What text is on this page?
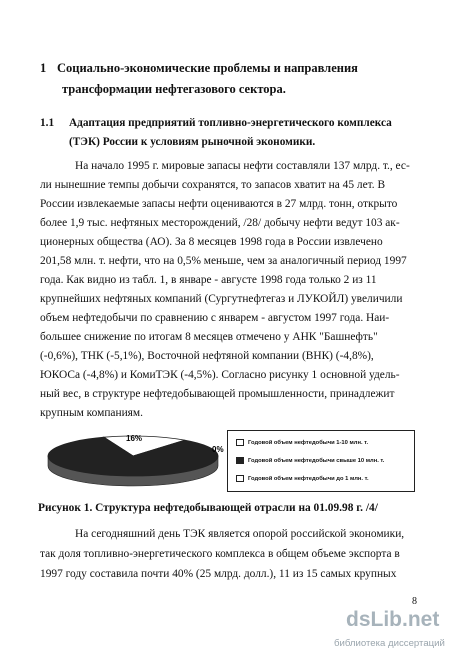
1 Социально-экономические проблемы и направления
трансформации нефтегазового сектора.
1.1 Адаптация предприятий топливно-энергетического комплекса
(ТЭК) России к условиям рыночной экономики.
На начало 1995 г. мировые запасы нефти составляли 137 млрд. т., ес-
ли нынешние темпы добычи сохранятся, то запасов хватит на 45 лет. В
России извлекаемые запасы нефти оцениваются в 27 млрд. тонн, открыто
более 1,9 тыс. нефтяных месторождений, /28/ добычу нефти ведут 103 ак-
ционерных общества (АО). За 8 месяцев 1998 года в России извлечено
201,58 млн. т. нефти, что на 0,5% меньше, чем за аналогичный период 1997
года. Как видно из табл. 1, в январе - августе 1998 года только 2 из 11
крупнейших нефтяных компаний (Сургутнефтегаз и ЛУКОЙЛ) увеличили
объем нефтедобычи по сравнению с январем - августом 1997 года. Наи-
большее снижение по итогам 8 месяцев отмечено у АНК "Башнефть"
(-0,6%), ТНК (-5,1%), Восточной нефтяной компании (ВНК) (-4,8%),
ЮКОСа (-4,8%) и КомиТЭК (-4,5%). Согласно рисунку 1 основной удель-
ный вес, в структуре нефтедобывающей промышленности, принадлежит
крупным компаниям.
16%
0%
Годовой объем нефтедобычи 1-10 млн. т.
Годовой объем нефтедобычи свыше 10 млн. т.
Годовой объем нефтедобычи до 1 млн. т.
Рисунок 1. Структура нефтедобывающей отрасли на 01.09.98 г. /4/
На сегодняшний день ТЭК является опорой российской экономики,
так доля топливно-энергетического комплекса в общем объеме экспорта в
1997 году составила почти 40% (25 млрд. долл.), 11 из 15 самых крупных
8
dsLib.net
библиотека диссертаций
